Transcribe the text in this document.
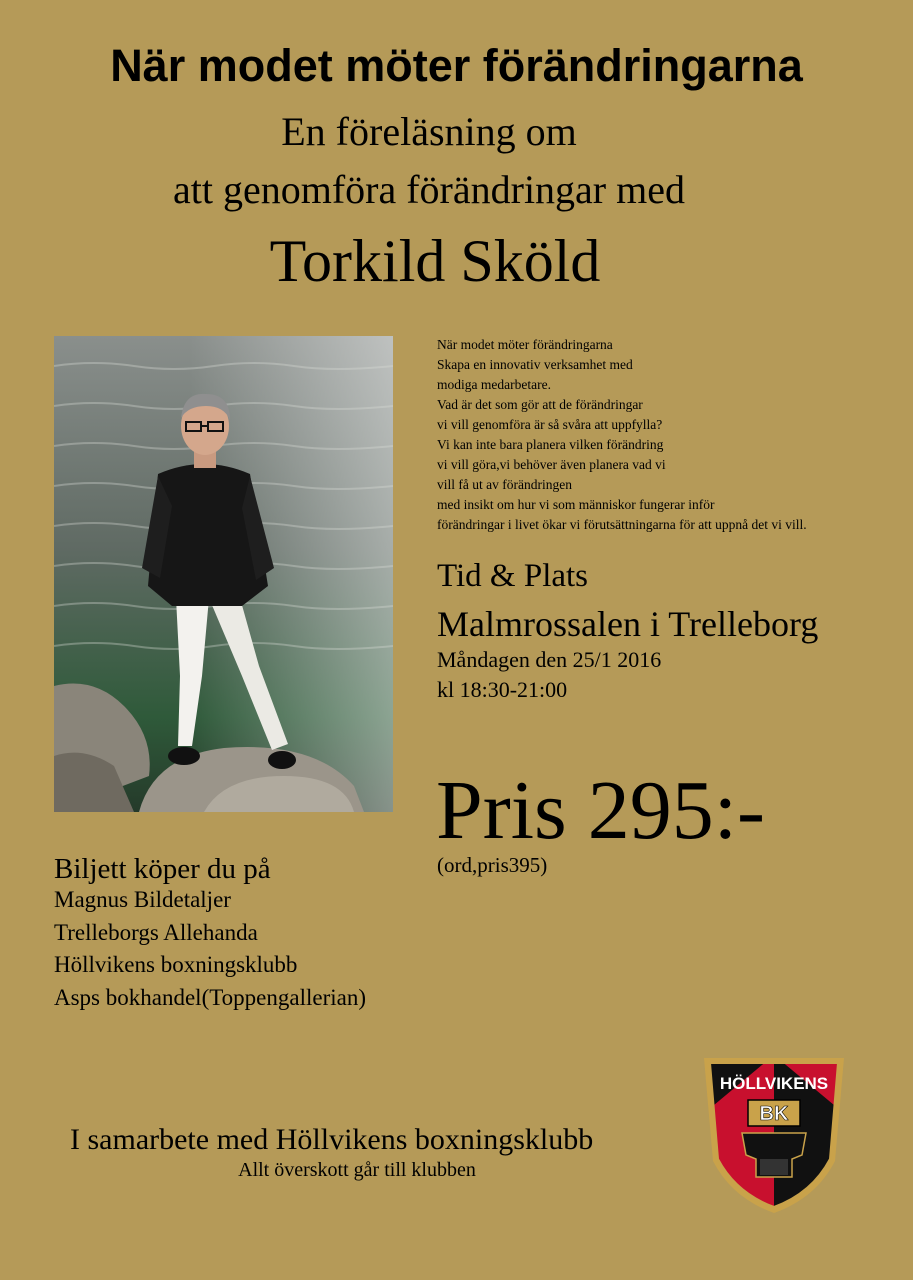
När modet möter förändringarna
En föreläsning om
att genomföra förändringar med
Torkild Sköld
När modet möter förändringarna
Skapa en innovativ verksamhet med
modiga medarbetare.
Vad är det som gör att de förändringar
vi vill genomföra är så svåra att uppfylla?
Vi kan inte bara planera vilken förändring
vi vill göra,vi behöver även planera vad vi
vill få ut av förändringen
med insikt om hur vi som människor fungerar inför
förändringar i livet ökar vi förutsättningarna för att uppnå det vi vill.
Tid & Plats
Malmrossalen i Trelleborg
Måndagen den 25/1 2016
kl 18:30-21:00
Pris 295:-
(ord,pris395)
Biljett köper du på
Magnus Bildetaljer
Trelleborgs Allehanda
Höllvikens boxningsklubb
Asps bokhandel(Toppengallerian)
I samarbete med Höllvikens boxningsklubb
Allt överskott går till klubben
HÖLLVIKENS
BK
